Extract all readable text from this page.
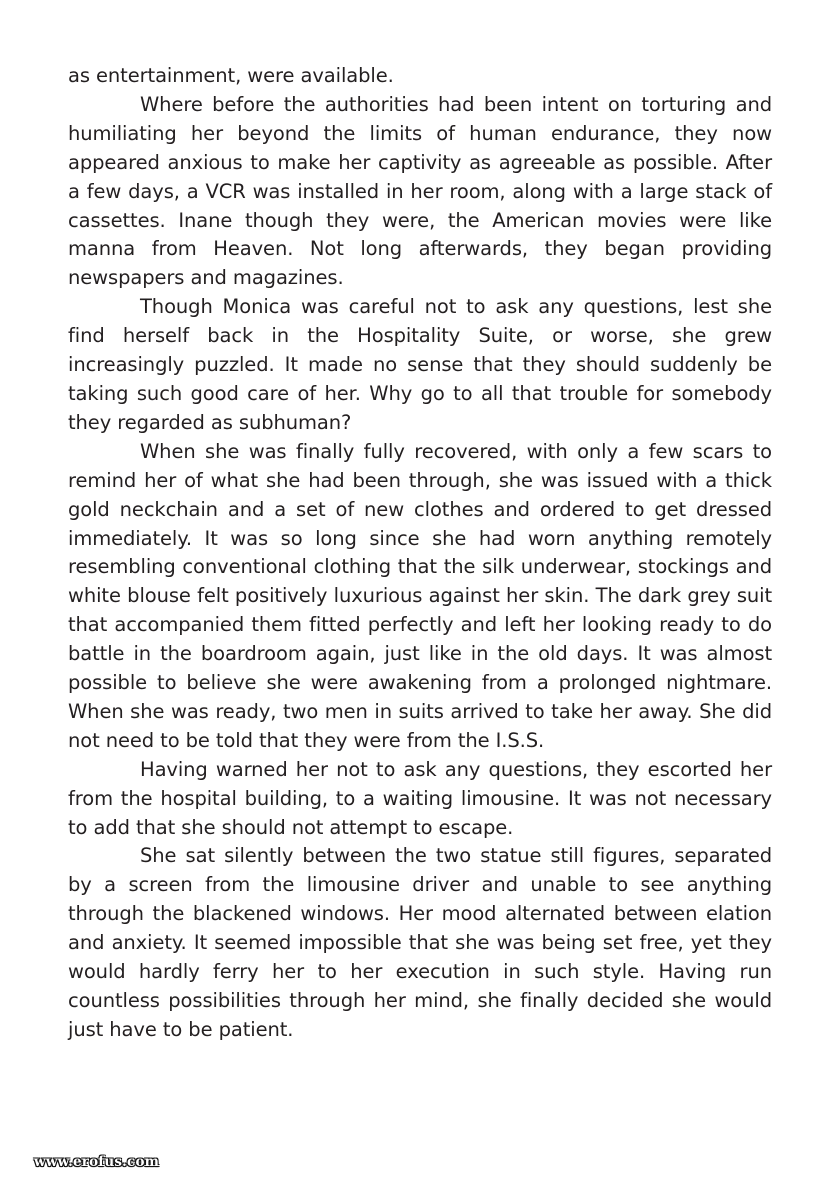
as entertainment, were available.

Where before the authorities had been intent on torturing and humiliating her beyond the limits of human endurance, they now appeared anxious to make her captivity as agreeable as possible. After a few days, a VCR was installed in her room, along with a large stack of cassettes. Inane though they were, the American movies were like manna from Heaven. Not long afterwards, they began providing newspapers and magazines.

Though Monica was careful not to ask any questions, lest she find herself back in the Hospitality Suite, or worse, she grew increasingly puzzled. It made no sense that they should suddenly be taking such good care of her. Why go to all that trouble for somebody they regarded as subhuman?

When she was finally fully recovered, with only a few scars to remind her of what she had been through, she was issued with a thick gold neckchain and a set of new clothes and ordered to get dressed immediately. It was so long since she had worn anything remotely resembling conventional clothing that the silk underwear, stockings and white blouse felt positively luxurious against her skin. The dark grey suit that accompanied them fitted perfectly and left her looking ready to do battle in the boardroom again, just like in the old days. It was almost possible to believe she were awakening from a prolonged nightmare. When she was ready, two men in suits arrived to take her away. She did not need to be told that they were from the I.S.S.

Having warned her not to ask any questions, they escorted her from the hospital building, to a waiting limousine. It was not necessary to add that she should not attempt to escape.

She sat silently between the two statue still figures, separated by a screen from the limousine driver and unable to see anything through the blackened windows. Her mood alternated between elation and anxiety. It seemed impossible that she was being set free, yet they would hardly ferry her to her execution in such style. Having run countless possibilities through her mind, she finally decided she would just have to be patient.

www.erofus.com
